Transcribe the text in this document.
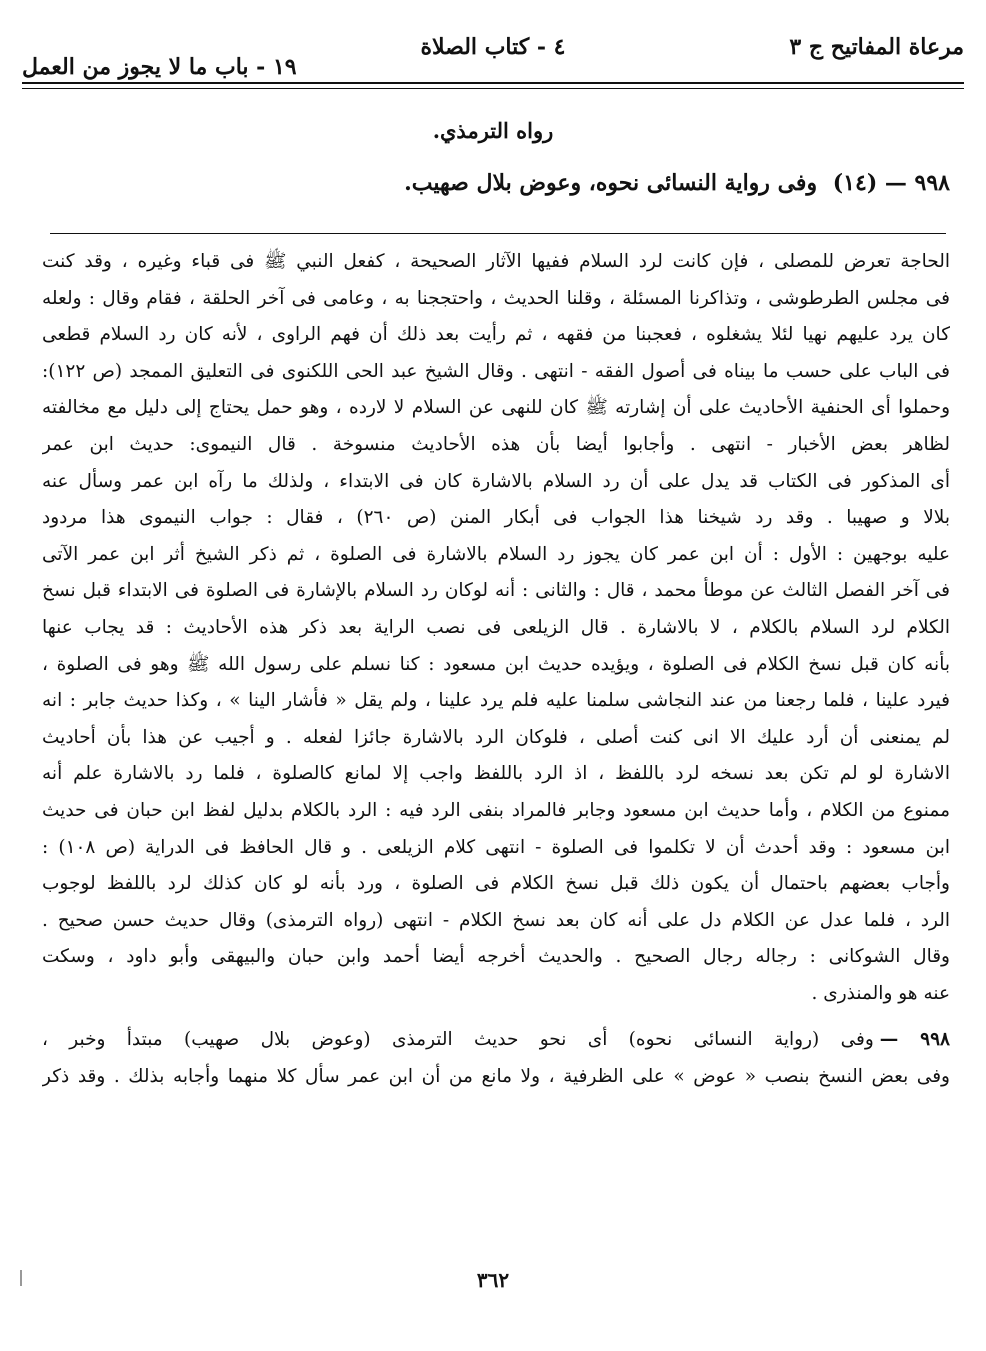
مرعاة المفاتيح ج ٣
٤ - كتاب الصلاة
١٩ - باب ما لا يجوز من العمل
رواه الترمذي.
٩٩٨ — (١٤) وفى رواية النسائى نحوه، وعوض بلال صهيب.
الحاجة تعرض للمصلى ، فإن كانت لرد السلام ففيها الآثار الصحيحة ، كفعل النبي ﷺ فى قباء وغيره ، وقد كنت
فى مجلس الطرطوشى ، وتذاكرنا المسئلة ، وقلنا الحديث ، واحتججنا به ، وعامى فى آخر الحلقة ، فقام وقال : ولعله
كان يرد عليهم نهيا لئلا يشغلوه ، فعجبنا من فقهه ، ثم رأيت بعد ذلك أن فهم الراوى ، لأنه كان رد السلام قطعى
فى الباب على حسب ما بيناه فى أصول الفقه - انتهى . وقال الشيخ عبد الحى اللكنوى فى التعليق الممجد (ص ١٢٢):
وحملوا أى الحنفية الأحاديث على أن إشارته ﷺ كان للنهى عن السلام لا لارده ، وهو حمل يحتاج إلى دليل مع مخالفته
لظاهر بعض الأخبار - انتهى . وأجابوا أيضا بأن هذه الأحاديث منسوخة . قال النيموى: حديث ابن عمر
أى المذكور فى الكتاب قد يدل على أن رد السلام بالاشارة كان فى الابتداء ، ولذلك ما رآه ابن عمر وسأل عنه
بلالا و صهيبا . وقد رد شيخنا هذا الجواب فى أبكار المنن (ص ٢٦٠) ، فقال : جواب النيموى هذا مردود
عليه بوجهين : الأول : أن ابن عمر كان يجوز رد السلام بالاشارة فى الصلوة ، ثم ذكر الشيخ أثر ابن عمر الآتى
فى آخر الفصل الثالث عن موطأ محمد ، قال : والثانى : أنه لوكان رد السلام بالإشارة فى الصلوة فى الابتداء قبل نسخ
الكلام لرد السلام بالكلام ، لا بالاشارة . قال الزيلعى فى نصب الراية بعد ذكر هذه الأحاديث : قد يجاب عنها
بأنه كان قبل نسخ الكلام فى الصلوة ، ويؤيده حديث ابن مسعود : كنا نسلم على رسول الله ﷺ وهو فى الصلوة ،
فيرد علينا ، فلما رجعنا من عند النجاشى سلمنا عليه فلم يرد علينا ، ولم يقل « فأشار الينا » ، وكذا حديث جابر : انه
لم يمنعنى أن أرد عليك الا انى كنت أصلى ، فلوكان الرد بالاشارة جائزا لفعله . و أجيب عن هذا بأن أحاديث
الاشارة لو لم تكن بعد نسخه لرد باللفظ ، اذ الرد باللفظ واجب إلا لمانع كالصلوة ، فلما رد بالاشارة علم أنه
ممنوع من الكلام ، وأما حديث ابن مسعود وجابر فالمراد بنفى الرد فيه : الرد بالكلام بدليل لفظ ابن حبان فى حديث
ابن مسعود : وقد أحدث أن لا تكلموا فى الصلوة - انتهى كلام الزيلعى . و قال الحافظ فى الدراية (ص ١٠٨) :
وأجاب بعضهم باحتمال أن يكون ذلك قبل نسخ الكلام فى الصلوة ، ورد بأنه لو كان كذلك لرد باللفظ لوجوب
الرد ، فلما عدل عن الكلام دل على أنه كان بعد نسخ الكلام - انتهى (رواه الترمذى) وقال حديث حسن صحيح .
وقال الشوكانى : رجاله رجال الصحيح . والحديث أخرجه أيضا أحمد وابن حبان والبيهقى وأبو داود ، وسكت
عنه هو والمنذرى .
٩٩٨ —وفى (رواية النسائى نحوه) أى نحو حديث الترمذى (وعوض بلال صهيب) مبتدأ وخبر ،
وفى بعض النسخ بنصب « عوض » على الظرفية ، ولا مانع من أن ابن عمر سأل كلا منهما وأجابه بذلك . وقد ذكر
٣٦٢
